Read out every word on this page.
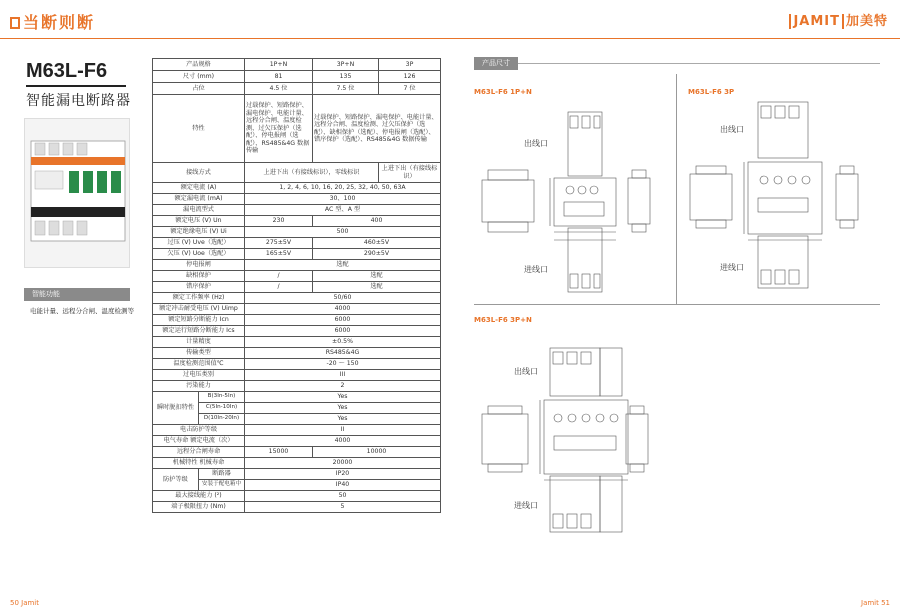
当断则断
M63L-F6
智能漏电断路器
智能功能
电能计量、远程分合闸、温度检测等
产品规格		1P+N	3P+N	3P
尺寸 (mm)		81	135	126
占位		4.5 位	7.5 位	7 位
特性		过载保护、短路保护、漏电保护、电能计量、远程分合闸、温度检测、过欠压保护（选配）、停电报闸（选配）、RS485&4G 数据传输	过载保护、短路保护、漏电保护、电能计量、远程分合闸、温度检测、过欠压保护（选配）、缺相保护（选配）、停电报闸（选配）、错序保护（选配）、RS485&4G 数据传输	
接线方式		上进下出（有接线标识），零线标识		上进下出（有接线标识）
额定电流 (A)		1, 2, 4, 6, 10, 16, 20, 25, 32, 40, 50, 63A		
额定漏电流 (mA)		30、100		
漏电流型式		AC 型、A 型		
额定电压 (V) Un		230	400	
额定绝缘电压 (V) Ui		500		
过压 (V) Uve（选配）		275±5V	460±5V	
欠压 (V) Uoe（选配）		165±5V	290±5V	
停电报闸		选配		
缺相保护		/	选配	
错序保护		/	选配	
额定工作频率 (Hz)		50/60		
额定冲击耐受电压 (V) Uimp		4000		
额定短路分断能力 Icn		6000		
额定运行短路分断能力 Ics		6000		
计量精度		±0.5%		
传输类型		RS485&4G		
温度检测范围值℃		-20 ～ 150		
过电压类别		III		
污染能力		2		
瞬时脱扣特性	B(3In-5In)	Yes		
	C(5In-10In)	Yes		
	D(10In-20In)	Yes		
电击防护等级		II		
电气寿命 额定电流（次）		4000		
远程分合闸寿命		15000	10000	
机械特性 机械寿命		20000		
防护等级	断路器	IP20		
	安装于配电箱中	IP40		
最大接线能力 (²)		50		
端子极限扭力 (Nm)		5		
50 Jamit
JAMIT 加美特
产品尺寸
M63L-F6 1P+N
出线口
进线口
M63L-F6 3P
出线口
进线口
M63L-F6 3P+N
出线口
进线口
Jamit 51
